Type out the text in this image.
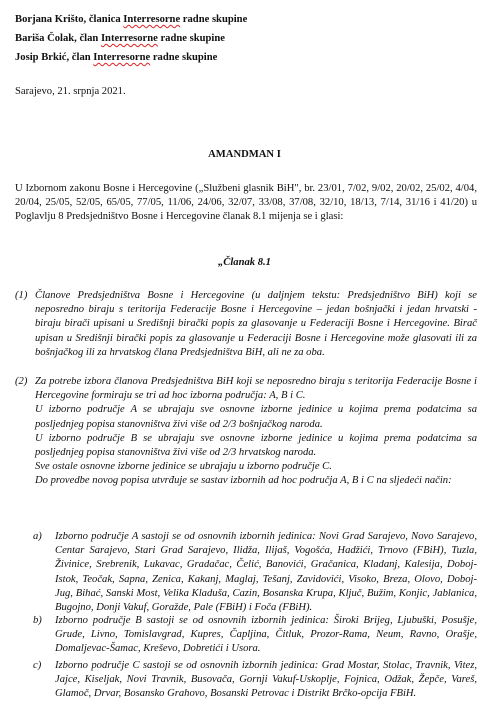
Borjana Krišto, članica Interresorne radne skupine
Bariša Čolak, član Interresorne radne skupine
Josip Brkić, član Interresorne radne skupine
Sarajevo, 21. srpnja 2021.
AMANDMAN I
U Izbornom zakonu Bosne i Hercegovine („Službeni glasnik BiH", br. 23/01, 7/02, 9/02, 20/02, 25/02, 4/04, 20/04, 25/05, 52/05, 65/05, 77/05, 11/06, 24/06, 32/07, 33/08, 37/08, 32/10, 18/13, 7/14, 31/16 i 41/20) u Poglavlju 8 Predsjedništvo Bosne i Hercegovine članak 8.1 mijenja se i glasi:
„Članak 8.1
(1) Članove Predsjedništva Bosne i Hercegovine (u daljnjem tekstu: Predsjedništvo BiH) koji se neposredno biraju s teritorija Federacije Bosne i Hercegovine – jedan bošnjački i jedan hrvatski - biraju birači upisani u Središnji birački popis za glasovanje u Federaciji Bosne i Hercegovine. Birač upisan u Središnji birački popis za glasovanje u Federaciji Bosne i Hercegovine može glasovati ili za bošnjačkog ili za hrvatskog člana Predsjedništva BiH, ali ne za oba.
(2) Za potrebe izbora članova Predsjedništva BiH koji se neposredno biraju s teritorija Federacije Bosne i Hercegovine formiraju se tri ad hoc izborna područja: A, B i C.
U izborno područje A se ubrajaju sve osnovne izborne jedinice u kojima prema podatcima sa posljednjeg popisa stanovništva živi više od 2/3 bošnjačkog naroda.
U izborno područje B se ubrajaju sve osnovne izborne jedinice u kojima prema podatcima sa posljednjeg popisa stanovništva živi više od 2/3 hrvatskog naroda.
Sve ostale osnovne izborne jedinice se ubrajaju u izborno područje C.
Do provedbe novog popisa utvrđuje se sastav izbornih ad hoc područja A, B i C na sljedeći način:
a) Izborno područje A sastoji se od osnovnih izbornih jedinica: Novi Grad Sarajevo, Novo Sarajevo, Centar Sarajevo, Stari Grad Sarajevo, Ilidža, Ilijaš, Vogošća, Hadžići, Trnovo (FBiH), Tuzla, Živinice, Srebrenik, Lukavac, Gradačac, Čelić, Banovići, Gračanica, Kladanj, Kalesija, Doboj-Istok, Teočak, Sapna, Zenica, Kakanj, Maglaj, Tešanj, Zavidovići, Visoko, Breza, Olovo, Doboj-Jug, Bihać, Sanski Most, Velika Kladuša, Cazin, Bosanska Krupa, Ključ, Bužim, Konjic, Jablanica, Bugojno, Donji Vakuf, Goražde, Pale (FBiH) i Foča (FBiH).
b) Izborno područje B sastoji se od osnovnih izbornih jedinica: Široki Brijeg, Ljubuški, Posušje, Grude, Livno, Tomislavgrad, Kupres, Čapljina, Čitluk, Prozor-Rama, Neum, Ravno, Orašje, Domaljevac-Šamac, Kreševo, Dobretići i Usora.
c) Izborno područje C sastoji se od osnovnih izbornih jedinica: Grad Mostar, Stolac, Travnik, Vitez, Jajce, Kiseljak, Novi Travnik, Busovača, Gornji Vakuf-Uskoplje, Fojnica, Odžak, Žepče, Vareš, Glamoč, Drvar, Bosansko Grahovo, Bosanski Petrovac i Distrikt Brčko-opcija FBiH.
